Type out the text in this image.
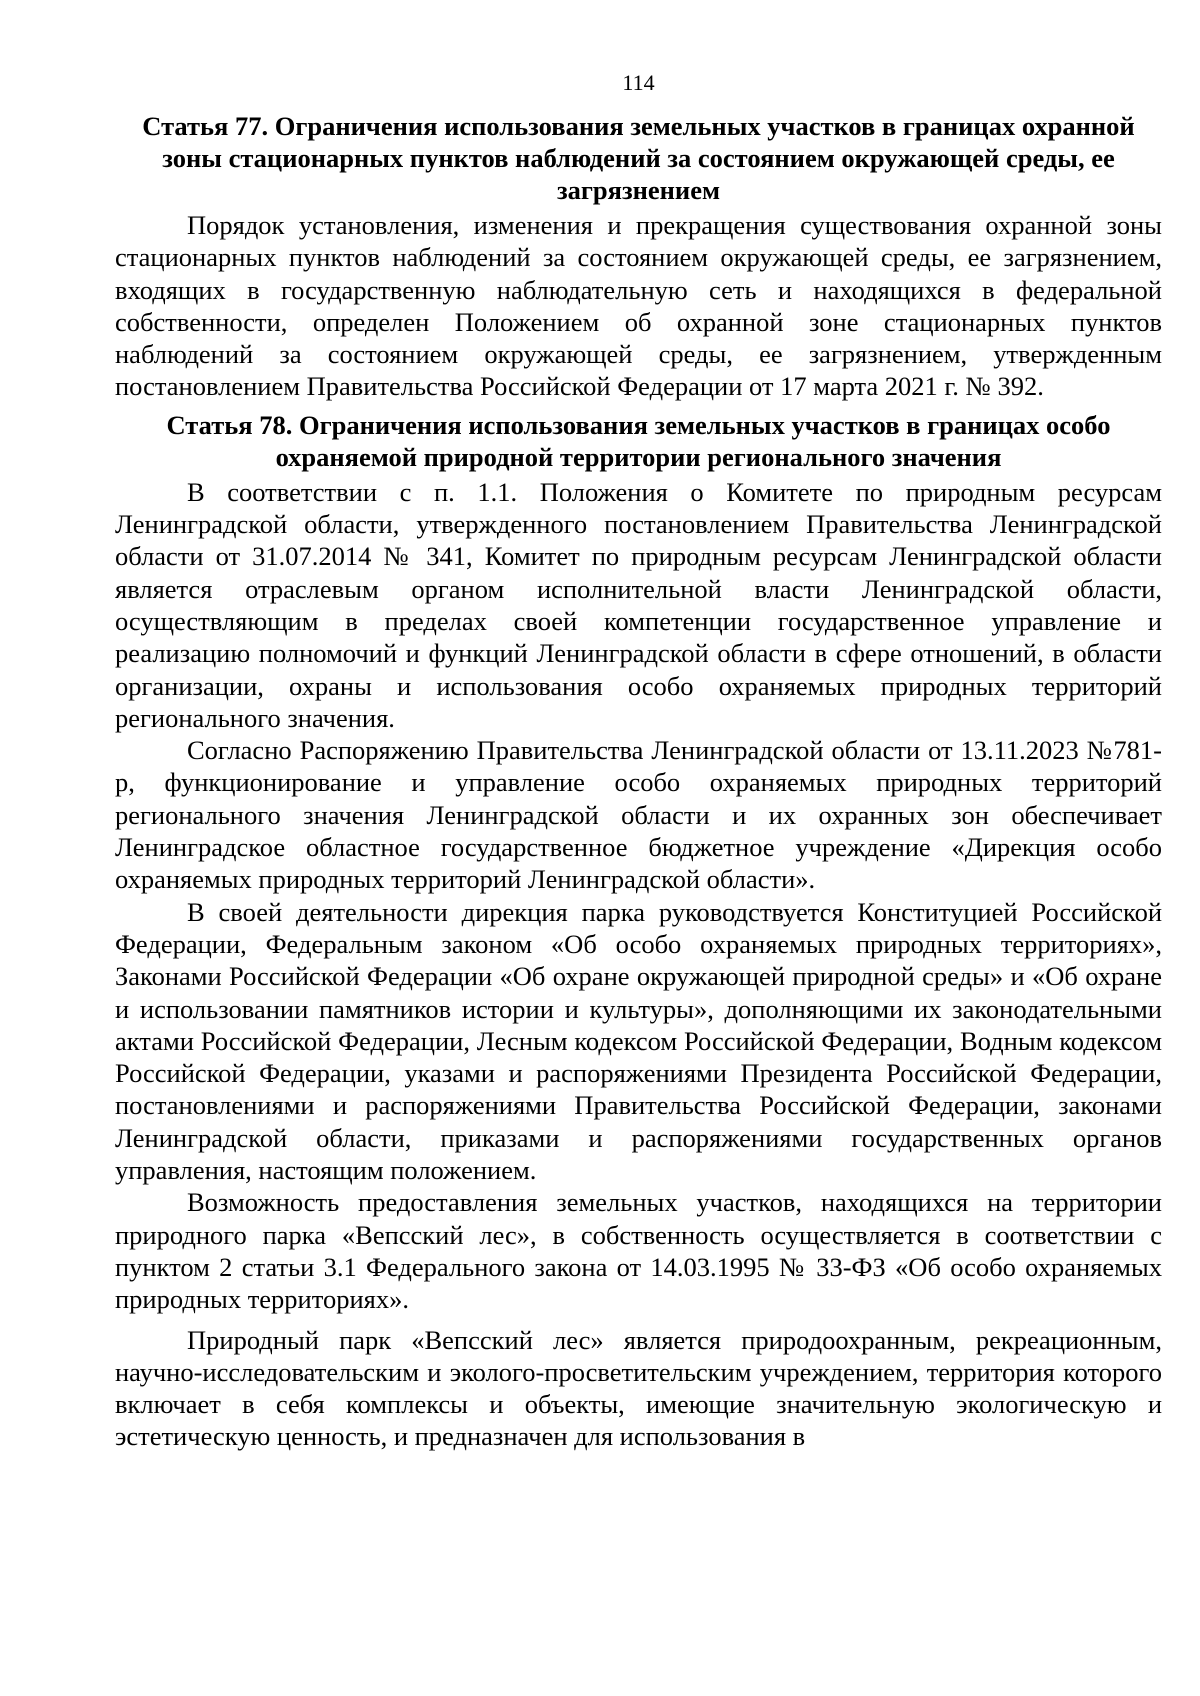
114
Статья 77. Ограничения использования земельных участков в границах охранной зоны стационарных пунктов наблюдений за состоянием окружающей среды, ее загрязнением

Порядок установления, изменения и прекращения существования охранной зоны стационарных пунктов наблюдений за состоянием окружающей среды, ее загрязнением, входящих в государственную наблюдательную сеть и находящихся в федеральной собственности, определен Положением об охранной зоне стационарных пунктов наблюдений за состоянием окружающей среды, ее загрязнением, утвержденным постановлением Правительства Российской Федерации от 17 марта 2021 г. № 392.

Статья 78. Ограничения использования земельных участков в границах особо охраняемой природной территории регионального значения

В соответствии с п. 1.1. Положения о Комитете по природным ресурсам Ленинградской области, утвержденного постановлением Правительства Ленинградской области от 31.07.2014 № 341, Комитет по природным ресурсам Ленинградской области является отраслевым органом исполнительной власти Ленинградской области, осуществляющим в пределах своей компетенции государственное управление и реализацию полномочий и функций Ленинградской области в сфере отношений, в области организации, охраны и использования особо охраняемых природных территорий регионального значения.

Согласно Распоряжению Правительства Ленинградской области от 13.11.2023 №781-р, функционирование и управление особо охраняемых природных территорий регионального значения Ленинградской области и их охранных зон обеспечивает Ленинградское областное государственное бюджетное учреждение «Дирекция особо охраняемых природных территорий Ленинградской области».

В своей деятельности дирекция парка руководствуется Конституцией Российской Федерации, Федеральным законом «Об особо охраняемых природных территориях», Законами Российской Федерации «Об охране окружающей природной среды» и «Об охране и использовании памятников истории и культуры», дополняющими их законодательными актами Российской Федерации, Лесным кодексом Российской Федерации, Водным кодексом Российской Федерации, указами и распоряжениями Президента Российской Федерации, постановлениями и распоряжениями Правительства Российской Федерации, законами Ленинградской области, приказами и распоряжениями государственных органов управления, настоящим положением.

Возможность предоставления земельных участков, находящихся на территории природного парка «Вепсский лес», в собственность осуществляется в соответствии с пунктом 2 статьи 3.1 Федерального закона от 14.03.1995 № 33-ФЗ «Об особо охраняемых природных территориях».

Природный парк «Вепсский лес» является природоохранным, рекреационным, научно-исследовательским и эколого-просветительским учреждением, территория которого включает в себя комплексы и объекты, имеющие значительную экологическую и эстетическую ценность, и предназначен для использования в
